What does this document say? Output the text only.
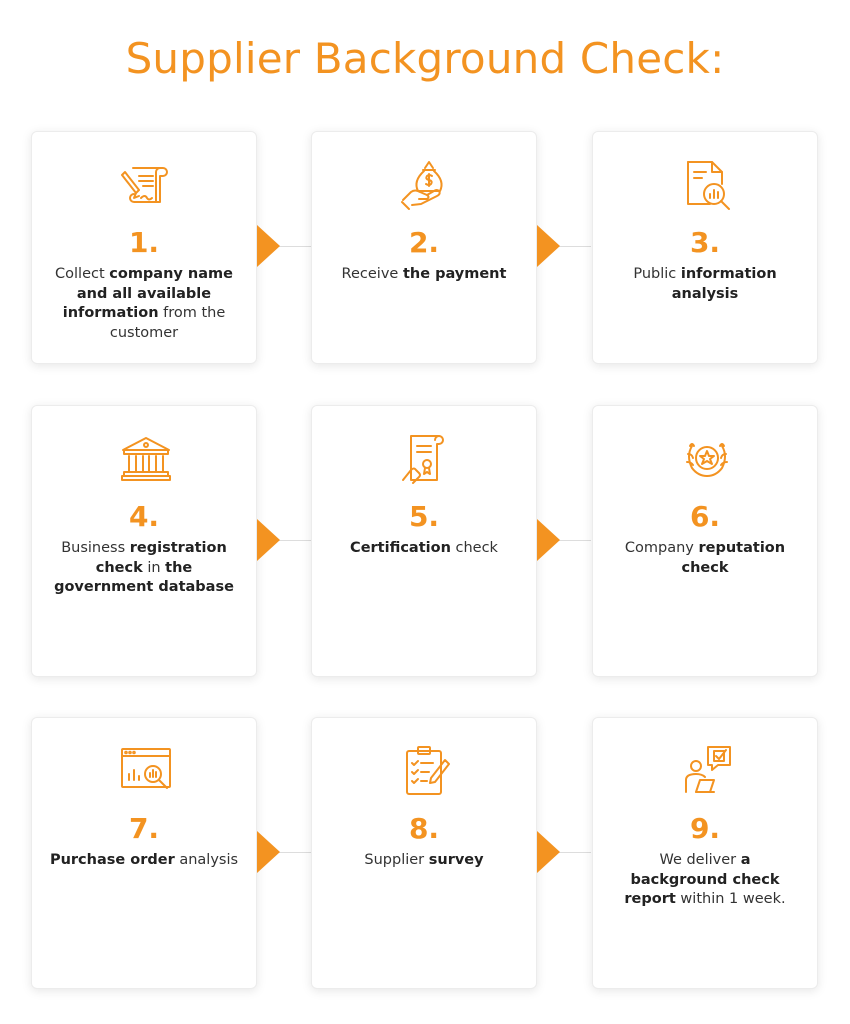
Supplier Background Check:
1.
Collect company name and all available information from the customer
2.
Receive the payment
3.
Public information analysis
4.
Business registration check in the government database
5.
Certification check
6.
Company reputation check
7.
Purchase order analysis
8.
Supplier survey
9.
We deliver a background check report within 1 week.
